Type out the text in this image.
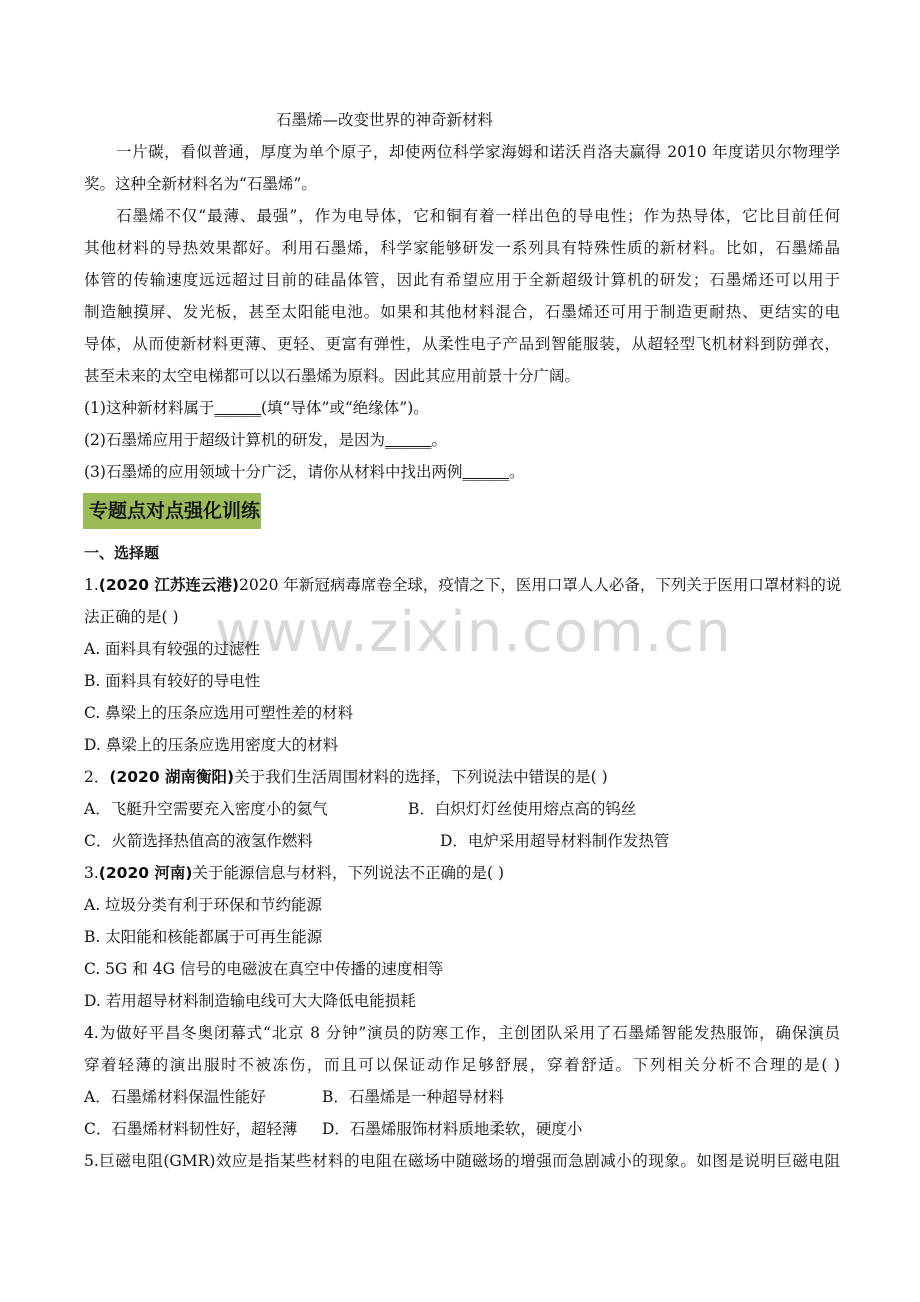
www.zixin.com.cn
石墨烯—改变世界的神奇新材料
一片碳，看似普通，厚度为单个原子，却使两位科学家海姆和诺沃肖洛夫赢得 2010 年度诺贝尔物理学
奖。这种全新材料名为“石墨烯”。
石墨烯不仅“最薄、最强”，作为电导体，它和铜有着一样出色的导电性；作为热导体，它比目前任何
其他材料的导热效果都好。利用石墨烯，科学家能够研发一系列具有特殊性质的新材料。比如，石墨烯晶
体管的传输速度远远超过目前的硅晶体管，因此有希望应用于全新超级计算机的研发；石墨烯还可以用于
制造触摸屏、发光板，甚至太阳能电池。如果和其他材料混合，石墨烯还可用于制造更耐热、更结实的电
导体，从而使新材料更薄、更轻、更富有弹性，从柔性电子产品到智能服装，从超轻型飞机材料到防弹衣，
甚至未来的太空电梯都可以以石墨烯为原料。因此其应用前景十分广阔。
(1)这种新材料属于______(填“导体”或“绝缘体”)。
(2)石墨烯应用于超级计算机的研发，是因为______。
(3)石墨烯的应用领域十分广泛，请你从材料中找出两例______。
专题点对点强化训练
一、选择题
1.(2020 江苏连云港)2020 年新冠病毒席卷全球，疫情之下，医用口罩人人必备，下列关于医用口罩材料的说
法正确的是( )
A. 面料具有较强的过滤性
B. 面料具有较好的导电性
C. 鼻梁上的压条应选用可塑性差的材料
D. 鼻梁上的压条应选用密度大的材料
2．(2020 湖南衡阳)关于我们生活周围材料的选择，下列说法中错误的是( )
A．飞艇升空需要充入密度小的氦气	B．白炽灯灯丝使用熔点高的钨丝
C．火箭选择热值高的液氢作燃料	D．电炉采用超导材料制作发热管
3.(2020 河南)关于能源信息与材料，下列说法不正确的是( )
A. 垃圾分类有利于环保和节约能源
B. 太阳能和核能都属于可再生能源
C. 5G 和 4G 信号的电磁波在真空中传播的速度相等
D. 若用超导材料制造输电线可大大降低电能损耗
4.为做好平昌冬奥闭幕式“北京 8 分钟”演员的防寒工作，主创团队采用了石墨烯智能发热服饰，确保演员
穿着轻薄的演出服时不被冻伤，而且可以保证动作足够舒展，穿着舒适。下列相关分析不合理的是( )
A．石墨烯材料保温性能好	B．石墨烯是一种超导材料
C．石墨烯材料韧性好，超轻薄	D．石墨烯服饰材料质地柔软，硬度小
5.巨磁电阻(GMR)效应是指某些材料的电阻在磁场中随磁场的增强而急剧减小的现象。如图是说明巨磁电阻
